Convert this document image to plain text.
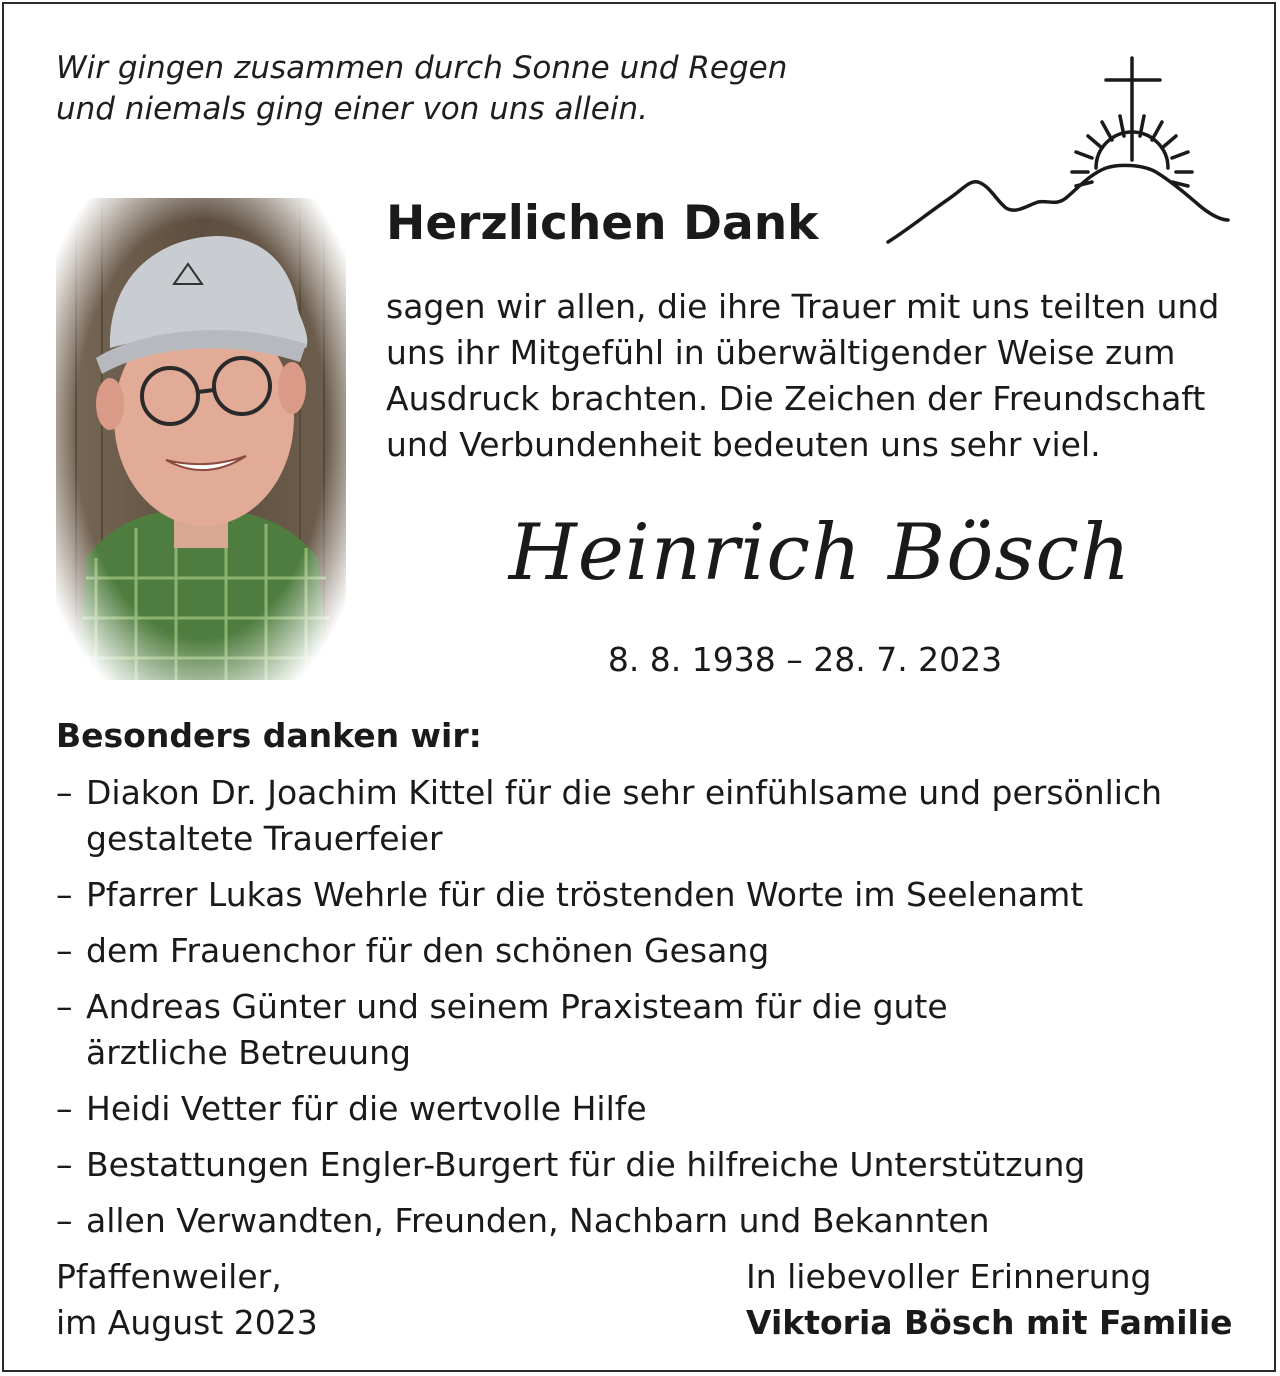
Wir gingen zusammen durch Sonne und Regen
und niemals ging einer von uns allein.
Herzlichen Dank
sagen wir allen, die ihre Trauer mit uns teilten und
uns ihr Mitgefühl in überwältigender Weise zum
Ausdruck brachten. Die Zeichen der Freundschaft
und Verbundenheit bedeuten uns sehr viel.
Heinrich Bösch
8. 8. 1938 – 28. 7. 2023
Besonders danken wir:
– Diakon Dr. Joachim Kittel für die sehr einfühlsame und persönlich
gestaltete Trauerfeier
– Pfarrer Lukas Wehrle für die tröstenden Worte im Seelenamt
– dem Frauenchor für den schönen Gesang
– Andreas Günter und seinem Praxisteam für die gute
ärztliche Betreuung
– Heidi Vetter für die wertvolle Hilfe
– Bestattungen Engler-Burgert für die hilfreiche Unterstützung
– allen Verwandten, Freunden, Nachbarn und Bekannten
Pfaffenweiler,
im August 2023
In liebevoller Erinnerung
Viktoria Bösch mit Familie
